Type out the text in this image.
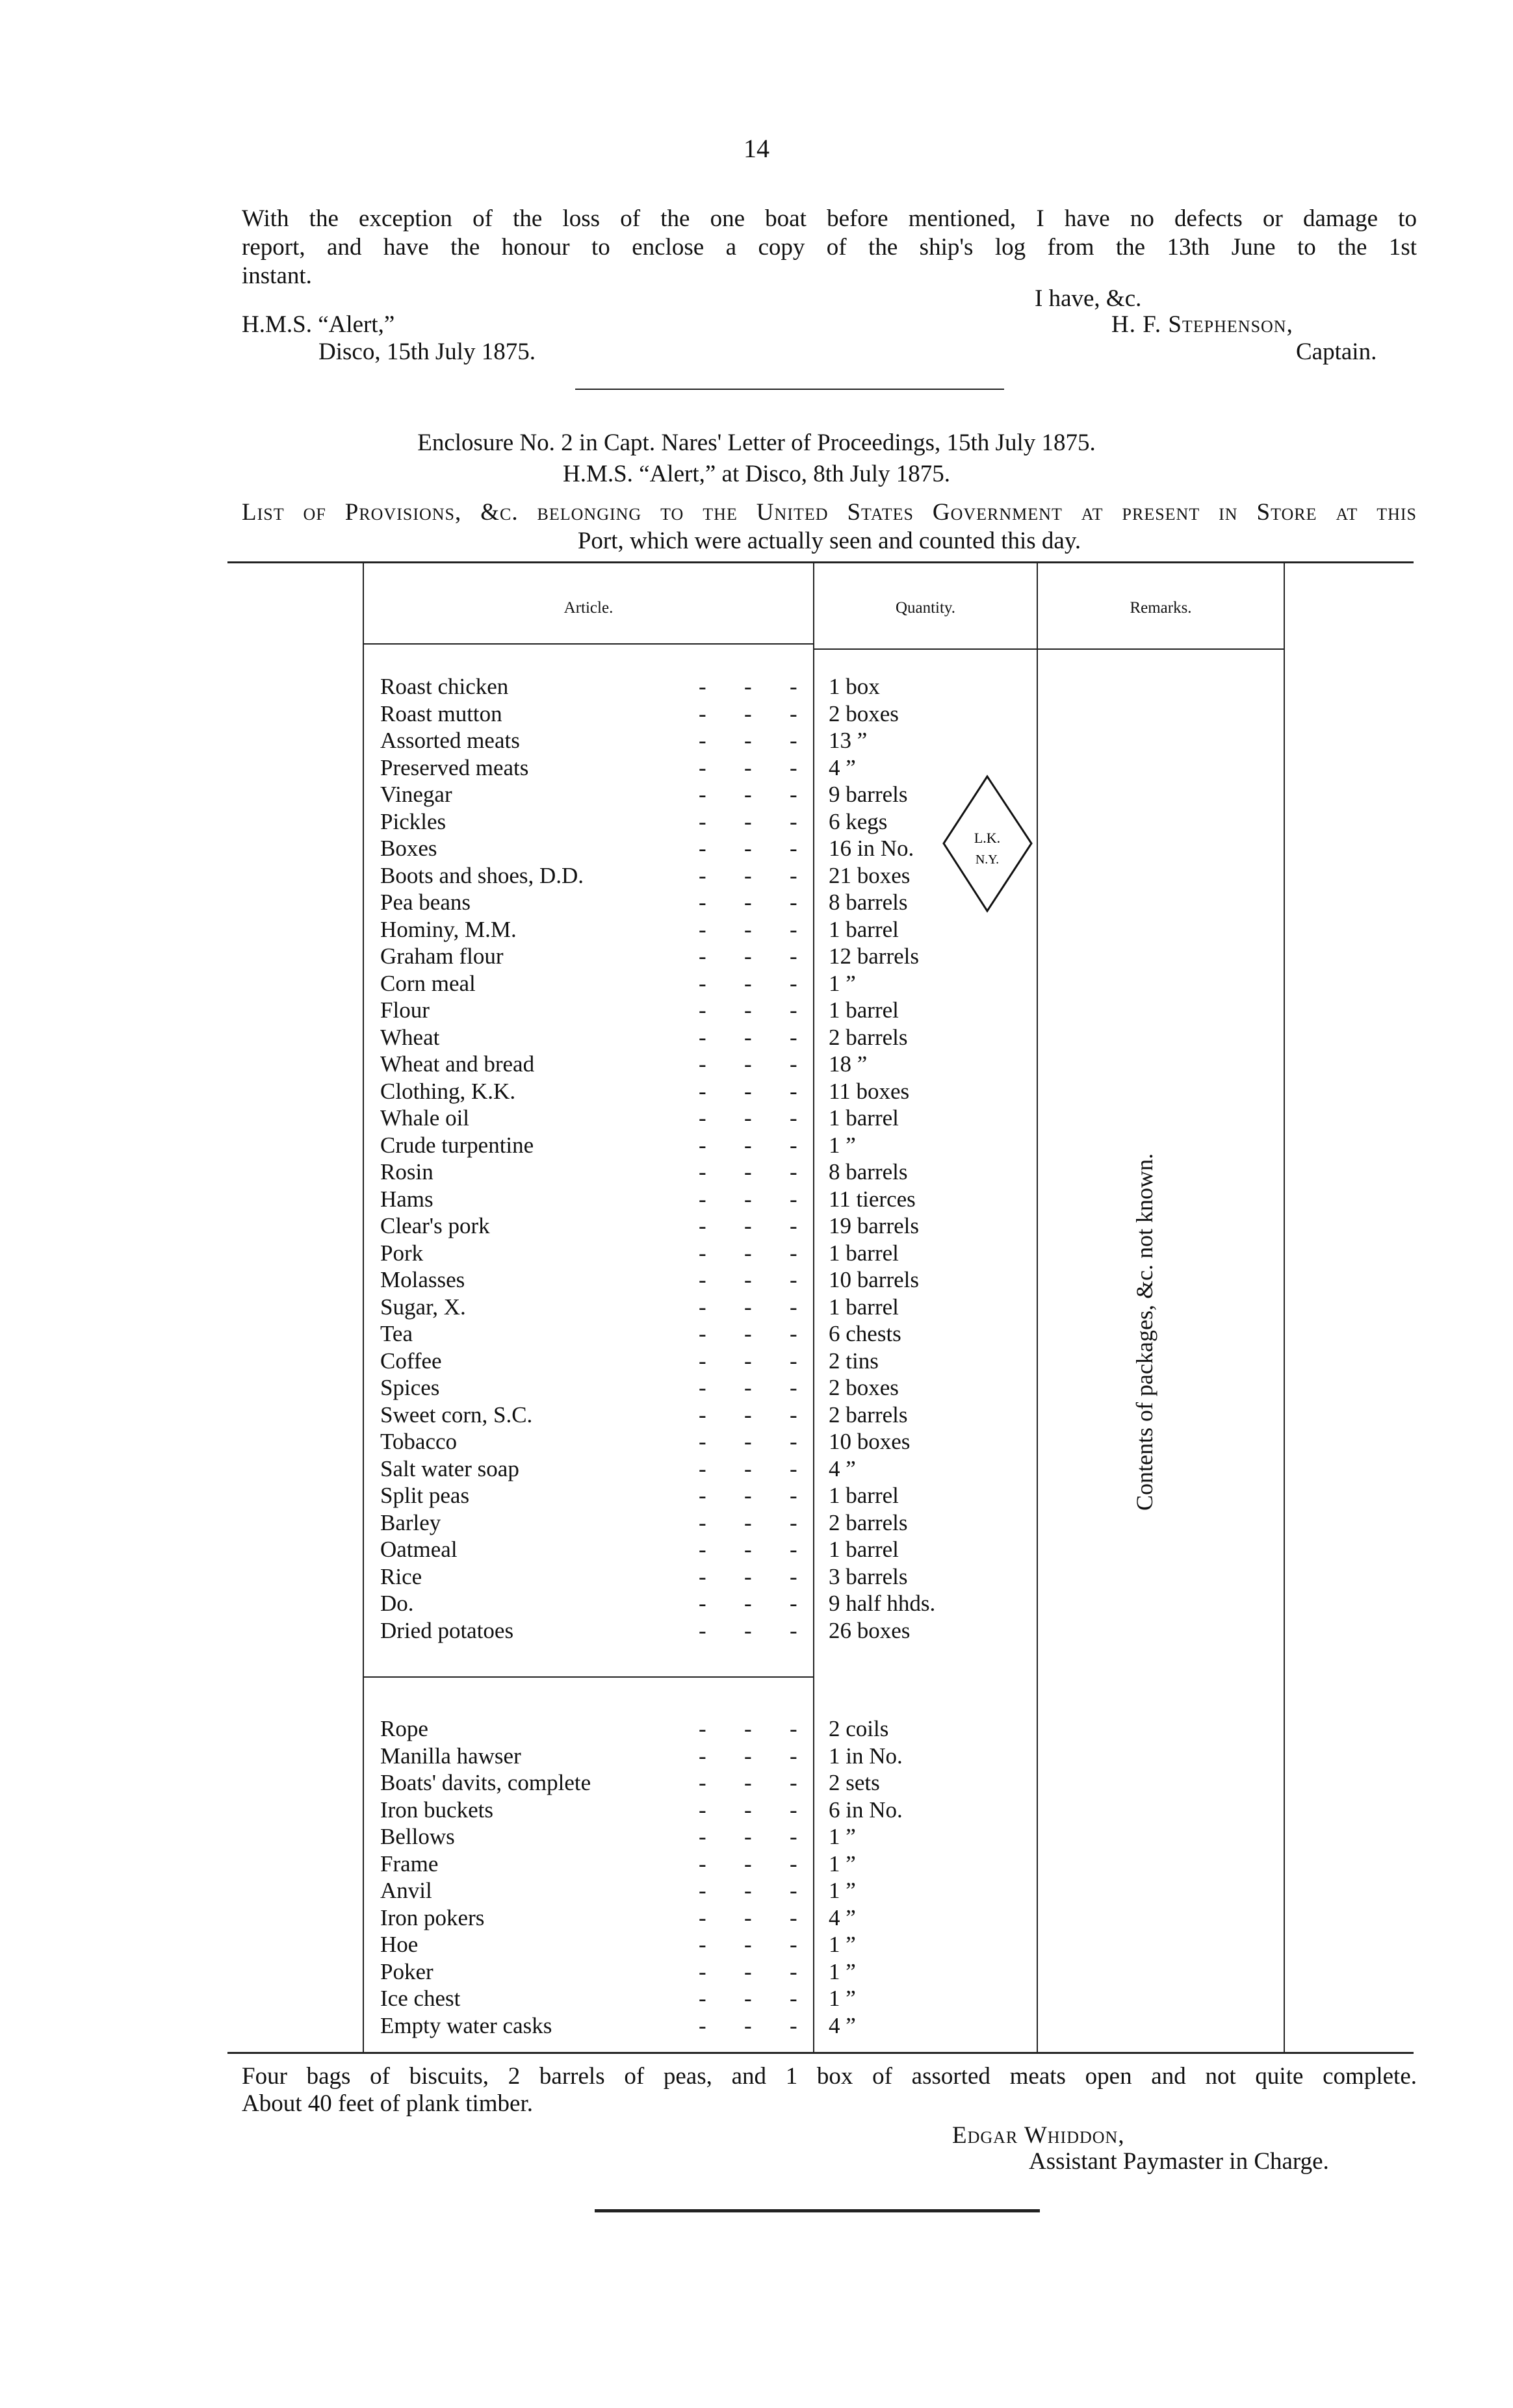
14
With the exception of the loss of the one boat before mentioned, I have no defects or damage to
report, and have the honour to enclose a copy of the ship's log from the 13th June to the 1st
instant.
I have, &c.
H.M.S. “Alert,”
Disco, 15th July 1875.
H. F. Stephenson,
Captain.
Enclosure No. 2 in Capt. Nares' Letter of Proceedings, 15th July 1875.
H.M.S. “Alert,” at Disco, 8th July 1875.
List of Provisions, &c. belonging to the United States Government at present in Store at this
Port, which were actually seen and counted this day.
Article.	Quantity.	Remarks.
Roast chicken	- - - 1 box
Roast mutton	- - - 2 boxes
Assorted meats	- - - 13 ”
Preserved meats	- - - 4 ”
Vinegar	- - - 9 barrels
Pickles	- - - 6 kegs
Boxes	- - - 16 in No.
Boots and shoes, D.D.	- - - 21 boxes
Pea beans	- - - 8 barrels
Hominy, M.M.	- - - 1 barrel
Graham flour	- - - 12 barrels
Corn meal	- - - 1 ”
Flour	- - - 1 barrel
Wheat	- - - 2 barrels
Wheat and bread	- - - 18 ”
Clothing, K.K.	- - - 11 boxes
Whale oil	- - - 1 barrel
Crude turpentine	- - - 1 ”
Rosin	- - - 8 barrels
Hams	- - - 11 tierces
Clear's pork	- - - 19 barrels
Pork	- - - 1 barrel
Molasses	- - - 10 barrels
Sugar, X.	- - - 1 barrel
Tea	- - - 6 chests
Coffee	- - - 2 tins
Spices	- - - 2 boxes
Sweet corn, S.C.	- - - 2 barrels
Tobacco	- - - 10 boxes
Salt water soap	- - - 4 ”
Split peas	- - - 1 barrel
Barley	- - - 2 barrels
Oatmeal	- - - 1 barrel
Rice	- - - 3 barrels
Do.	- - - 9 half hhds.
Dried potatoes	- - - 26 boxes
Rope	- - - 2 coils
Manilla hawser	- - - 1 in No.
Boats' davits, complete	- - - 2 sets
Iron buckets	- - - 6 in No.
Bellows	- - - 1 ”
Frame	- - - 1 ”
Anvil	- - - 1 ”
Iron pokers	- - - 4 ”
Hoe	- - - 1 ”
Poker	- - - 1 ”
Ice chest	- - - 1 ”
Empty water casks	- - - 4 ”
L.K.
N.Y.
Contents of packages, &c. not known.
Four bags of biscuits, 2 barrels of peas, and 1 box of assorted meats open and not quite complete.
About 40 feet of plank timber.
Edgar Whiddon,
Assistant Paymaster in Charge.
